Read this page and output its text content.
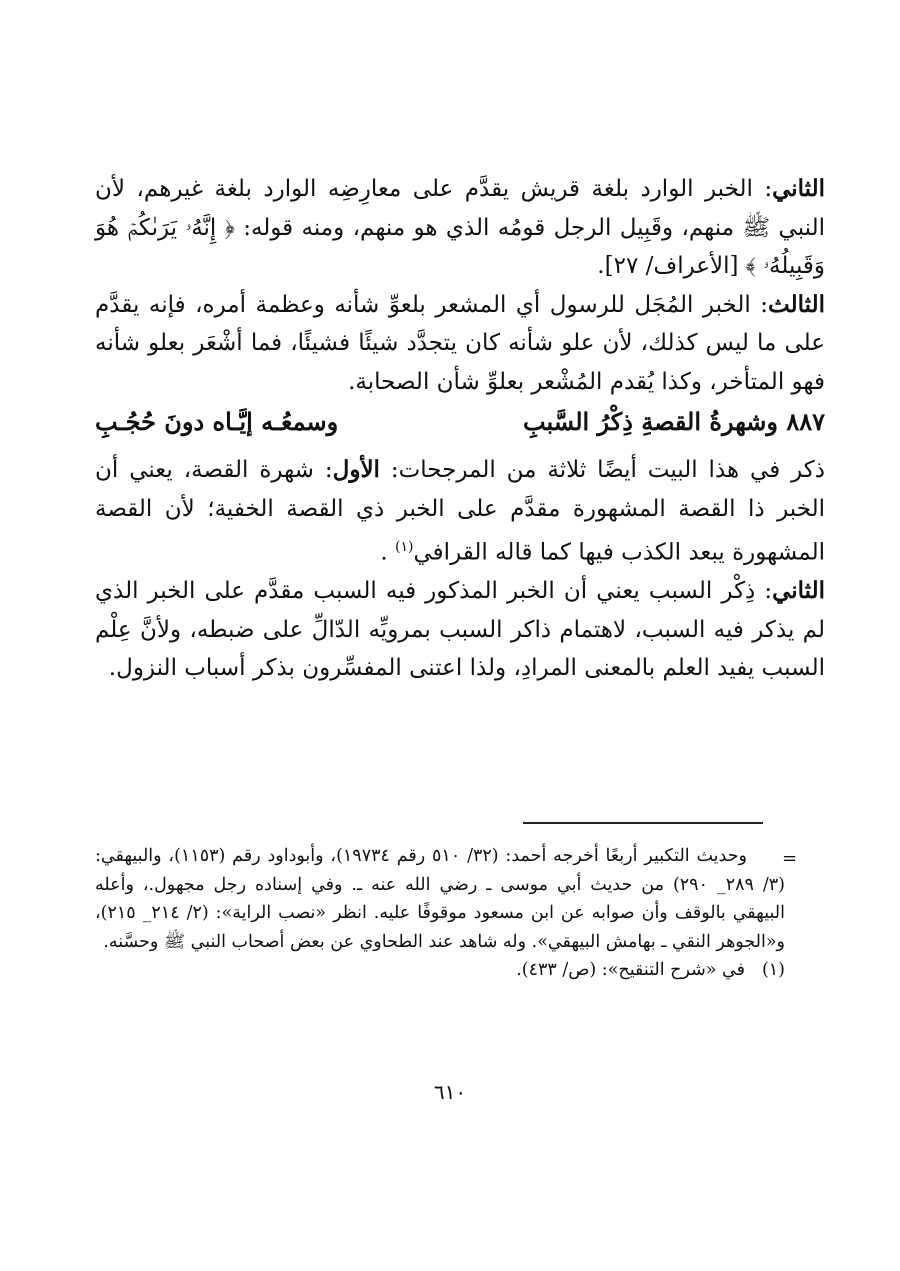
الثاني: الخبر الوارد بلغة قريش يقدَّم على معارِضِه الوارد بلغة غيرهم، لأن النبي ﷺ منهم، وقَبِيل الرجل قومُه الذي هو منهم، ومنه قوله: ﴿ إِنَّهُۥ يَرَىٰكُمۡ هُوَ وَقَبِيلُهُۥ ﴾ [الأعراف/ ٢٧].

الثالث: الخبر المُجَل للرسول أي المشعر بلعوِّ شأنه وعظمة أمره، فإنه يقدَّم على ما ليس كذلك، لأن علو شأنه كان يتجدَّد شيئًا فشيئًا، فما أشْعَر بعلو شأنه فهو المتأخر، وكذا يُقدم المُشْعر بعلوِّ شأن الصحابة.

٨٨٧ وشهرةُ القصةِ ذِكْرُ السَّببِ
وسمعُـه إيَّـاه دونَ حُجُـبِ

ذكر في هذا البيت أيضًا ثلاثة من المرجحات: الأول: شهرة القصة، يعني أن الخبر ذا القصة المشهورة مقدَّم على الخبر ذي القصة الخفية؛ لأن القصة المشهورة يبعد الكذب فيها كما قاله القرافي$^{(١)}$ .

الثاني: ذِكْر السبب يعني أن الخبر المذكور فيه السبب مقدَّم على الخبر الذي لم يذكر فيه السبب، لاهتمام ذاكر السبب بمرويِّه الدّالِّ على ضبطه، ولأنَّ عِلْم السبب يفيد العلم بالمعنى المرادِ، ولذا اعتنى المفسِّرون بذكر أسباب النزول.

=

وحديث التكبير أربعًا أخرجه أحمد: (٣٢/ ٥١٠ رقم ١٩٧٣٤)، وأبوداود رقم (١١٥٣)، والبيهقي: (٣/ ٢٨٩_ ٢٩٠) من حديث أبي موسى ـ رضي الله عنه ـ. وفي إسناده رجل مجهول.، وأعله البيهقي بالوقف وأن صوابه عن ابن مسعود موقوفًا عليه. انظر «نصب الراية»: (٢/ ٢١٤_ ٢١٥)، و«الجوهر النقي ـ بهامش البيهقي». وله شاهد عند الطحاوي عن بعض أصحاب النبي ﷺ وحسَّنه.

(١)
في «شرح التنقيح»: (ص/ ٤٣٣).
٦١٠
